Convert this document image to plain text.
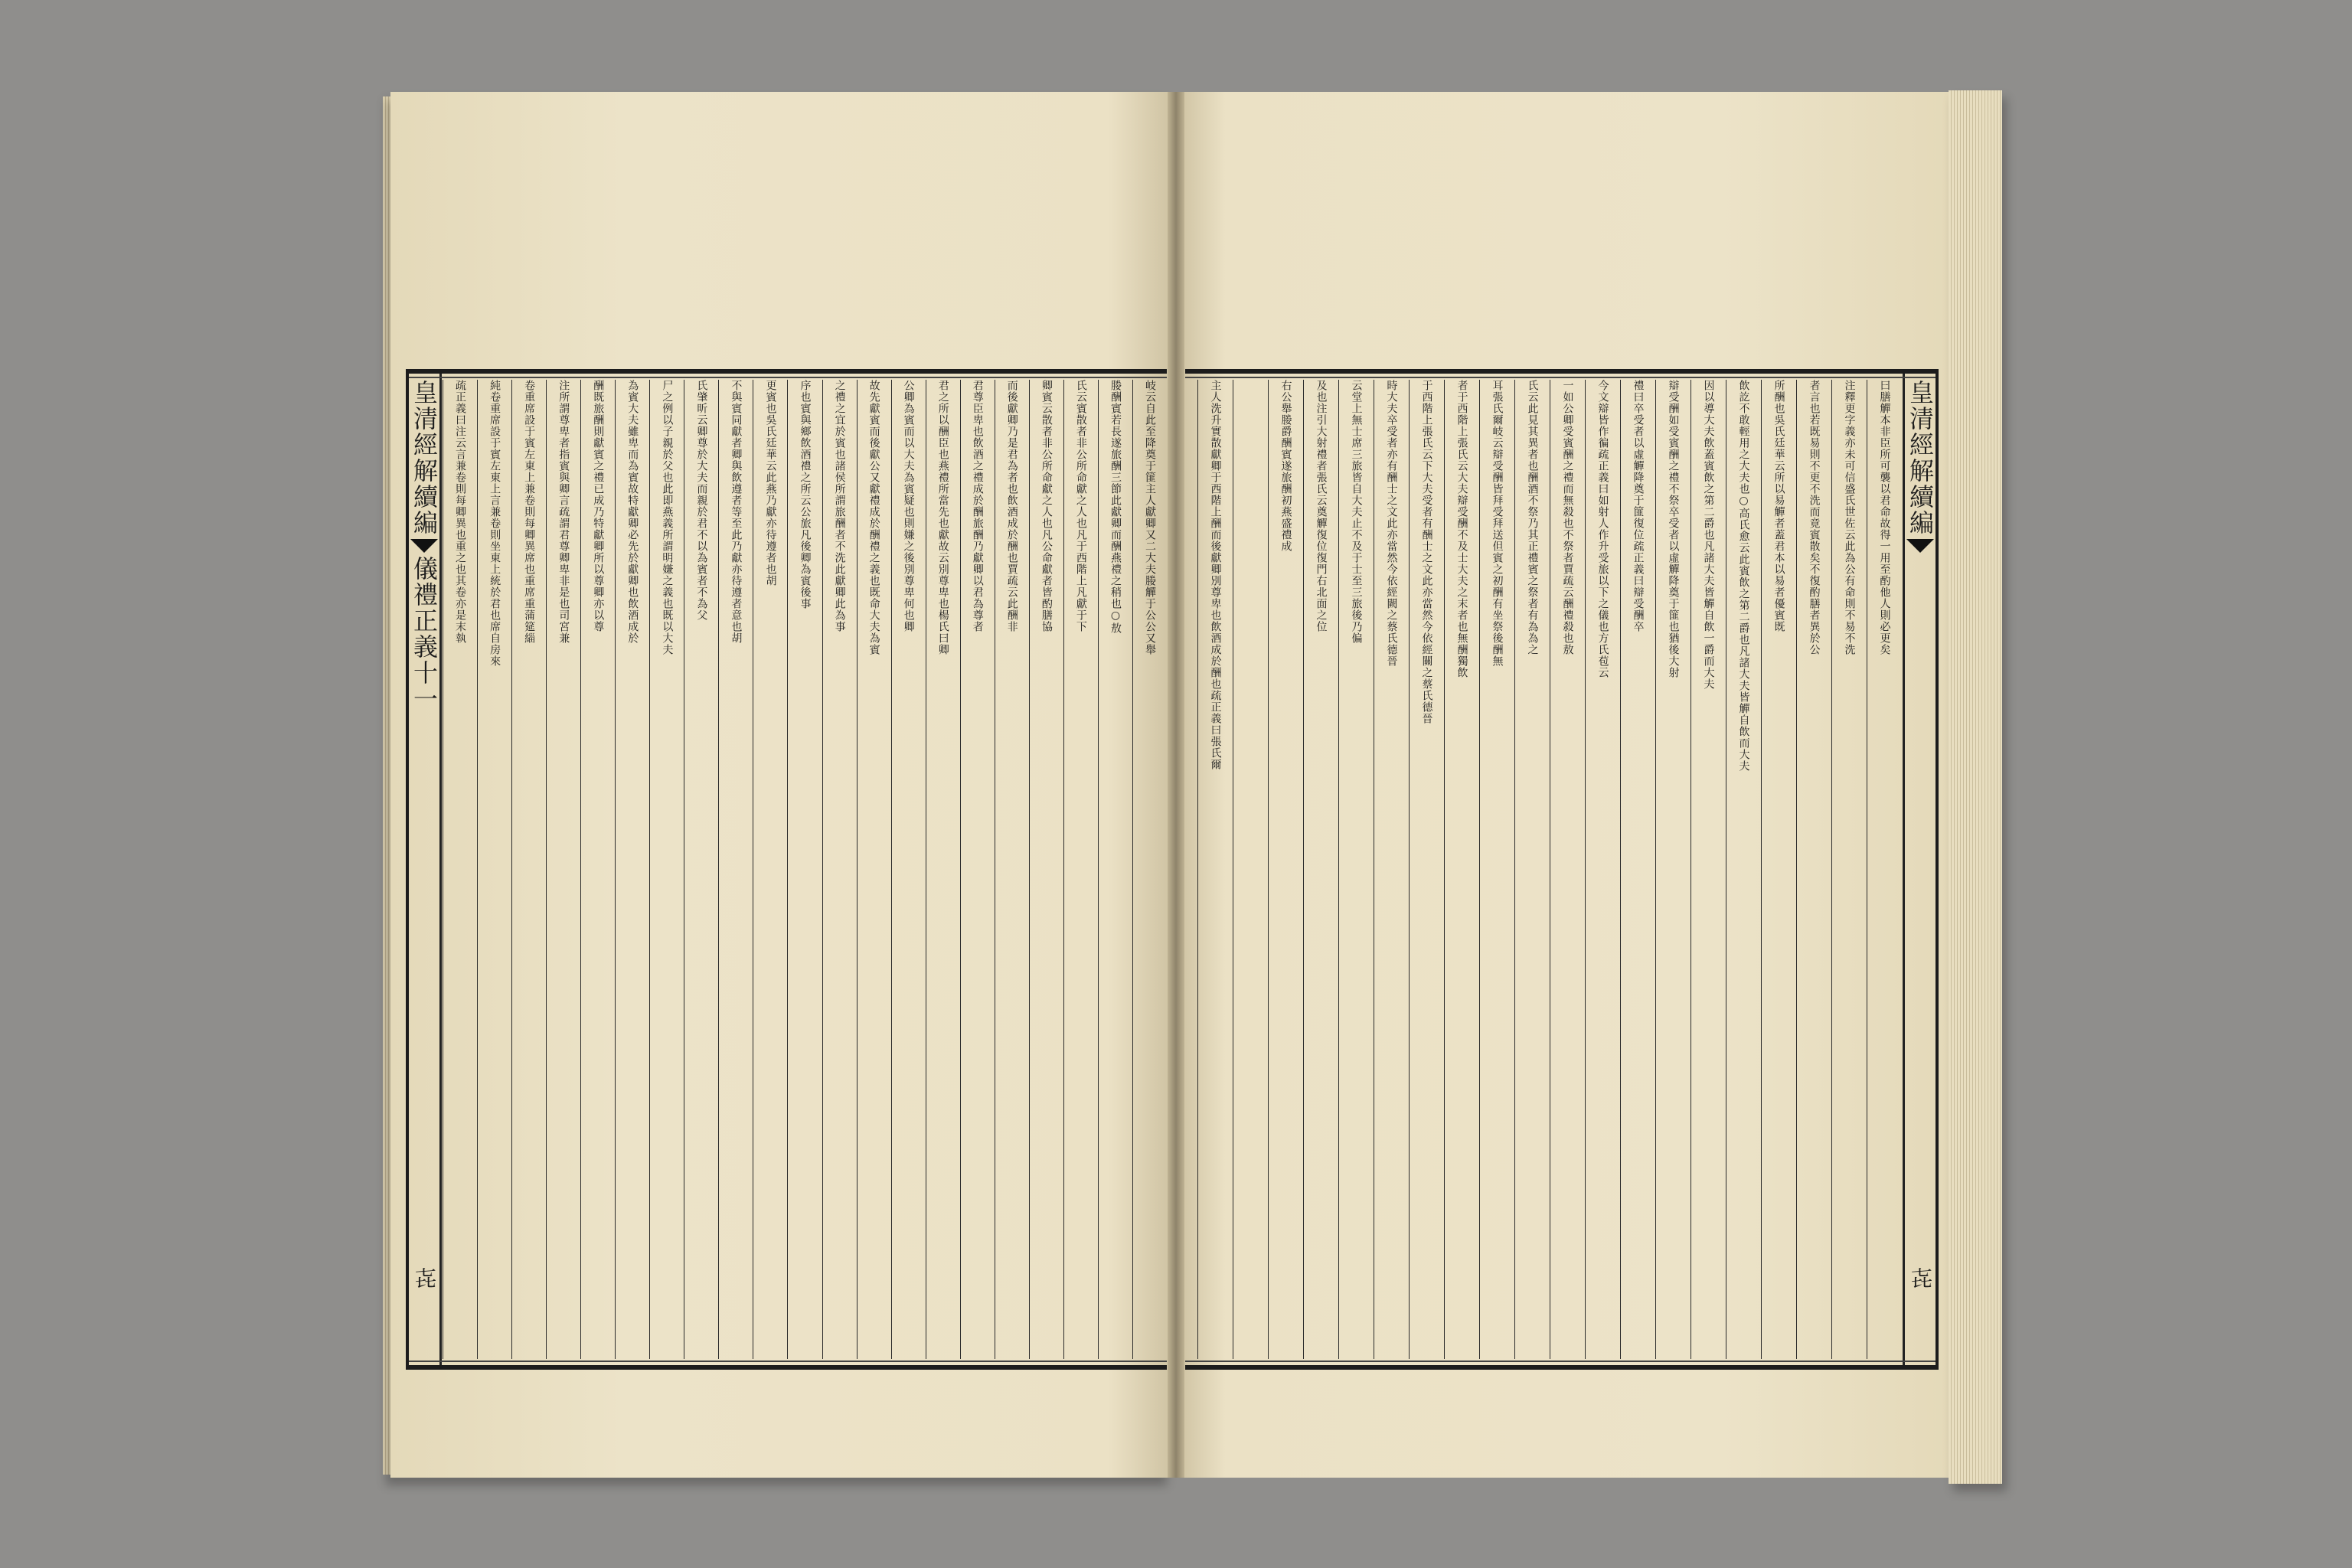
皇清經解續編
儀禮正義十一
㐂
岐云自此至降奠于篚主人獻卿又二大夫媵觶于公公又舉
媵酬賓若長遂旅酬三節此獻卿而酬燕禮之稍也○敖
氏云賓散者非公所命獻之人也凡于西階上凡獻于下
卿賓云散者非公所命獻之人也凡公命獻者皆酌膳協
而後獻卿乃是君為者也飲酒成於酬也賈疏云此酬非
君尊臣卑也飲酒之禮成於酬旅酬乃獻卿以君為尊者
君之所以酬臣也燕禮所當先也獻故云別尊卑也楊氏曰卿
公卿為賓而以大夫為賓疑也則嫌之後別尊卑何也卿
故先獻賓而後獻公又獻禮成於酬禮之義也既命大夫為賓
之禮之宜於賓也諸侯所謂旅酬者不洗此獻卿此為事
序也賓與鄉飲酒禮之所云公旅凡後卿為賓後事
更賓也吳氏廷華云此燕乃獻亦待遵者也胡
不與賓同獻者卿與飲遵者等至此乃獻亦待遵者意也胡
氏肇昕云卿尊於大夫而親於君不以為賓者不為父
尸之例以子親於父也此即燕義所謂明嫌之義也既以大夫
為賓大夫雖卑而為賓故特獻卿必先於獻卿也飲酒成於
酬既旅酬則獻賓之禮已成乃特獻卿所以尊卿亦以尊
注所謂尊卑者指賓與卿言疏謂君尊卿卑非是也司宮兼
卷重席設于賓左東上兼卷則每卿異席也重席重蒲筵緇
純卷重席設于賓左東上言兼卷則坐東上統於君也席自房來
疏正義曰注云言兼卷則每卿異也重之也其卷亦是末執	皇清經解續編
㐂
曰膳觶本非臣所可襲以君命故得一用至酌他人則必更矣
注釋更字義亦未可信盛氏世佐云此為公有命則不易不洗
者言也若既易則不更不洗而竟賓散矣不復酌膳者異於公
所酬也吳氏廷華云所以易觶者蓋君本以易者優賓既
飲訖不敢輕用之大夫也○高氏愈云此賓飲之第二爵也凡諸大夫皆觶自飲而大夫
因以導大夫飲蓋賓飲之第二爵也凡諸大夫皆觶自飲一爵而大夫
辯受酬如受賓酬之禮不祭卒受者以虛觶降奠于篚也猶後大射
禮曰卒受者以虛觶降奠于篚復位疏正義曰辯受酬卒
今文辯皆作徧疏正義曰如射人作升受旅以下之儀也方氏苞云
一如公卿受賓酬之禮而無殺也不祭者賈疏云酬禮殺也敖
氏云此見其異者也酬酒不祭乃其正禮賓之祭者有為為之
耳張氏爾岐云辯受酬皆拜受拜送但賓之初酬有坐祭後酬無
者于西階上張氏云大夫辯受酬不及士大夫之末者也無酬獨飲
于西階上張氏云下大夫受者有酬士之文此亦當然今依經關之蔡氏德晉
時大夫卒受者亦有酬士之文此亦當然今依經闕之蔡氏德晉
云堂上無士席三旅皆自大夫止不及于士至三旅後乃偏
及也注引大射禮者張氏云奠觶復位復門右北面之位
右公舉媵爵酬賓遂旅酬初燕盛禮成
主人洗升實散獻卿于西階上酬而後獻卿別尊卑也飲酒成於酬也疏正義曰張氏爾
